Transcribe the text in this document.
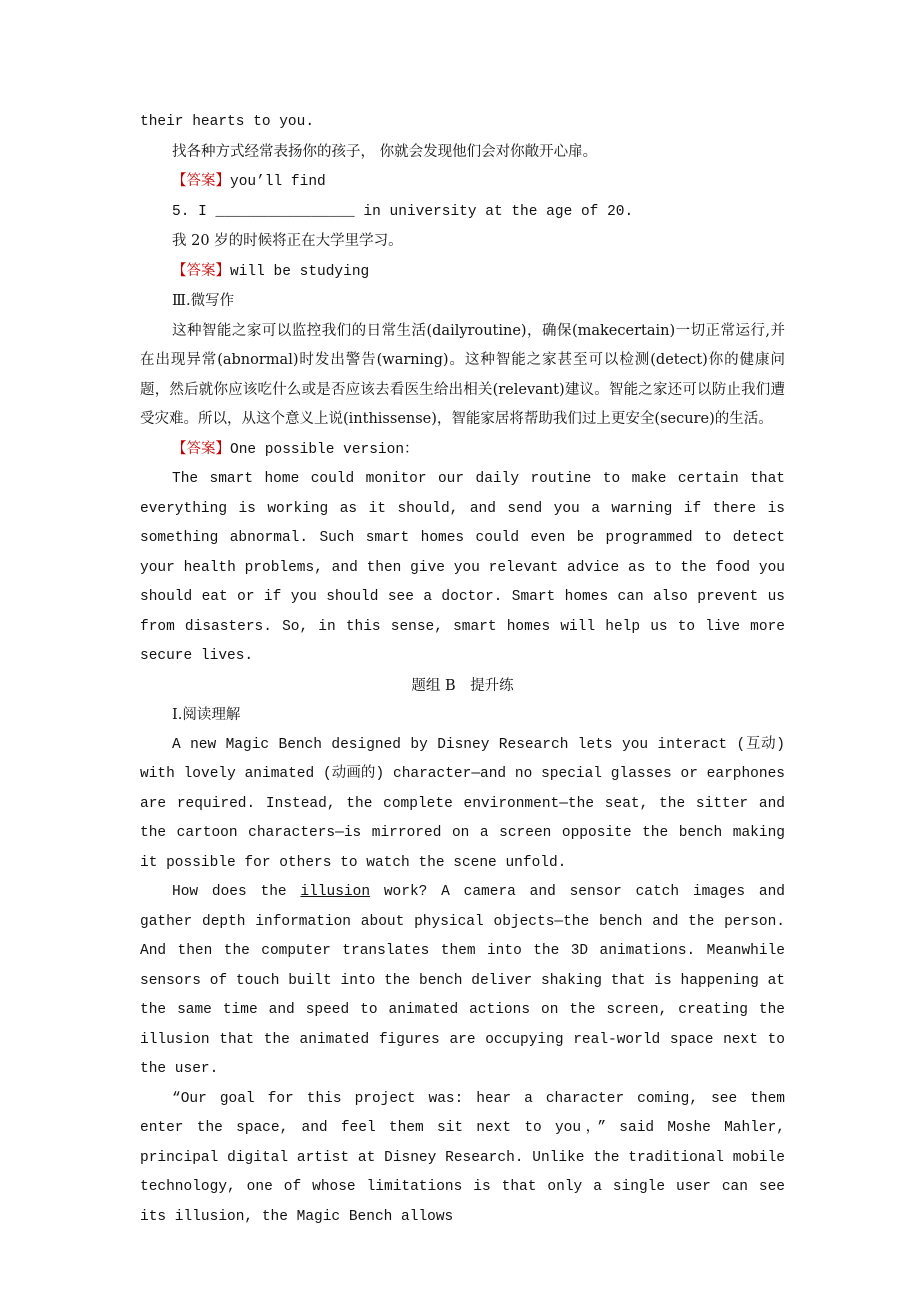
their hearts to you.

找各种方式经常表扬你的孩子， 你就会发现他们会对你敞开心扉。

【答案】you’ll find

5. I ________________ in university at the age of 20.

我 20 岁的时候将正在大学里学习。

【答案】will be studying

Ⅲ.微写作

这种智能之家可以监控我们的日常生活(dailyroutine)，确保(makecertain)一切正常运行,并在出现异常(abnormal)时发出警告(warning)。这种智能之家甚至可以检测(detect)你的健康问题，然后就你应该吃什么或是否应该去看医生给出相关(relevant)建议。智能之家还可以防止我们遭受灾难。所以，从这个意义上说(inthissense)，智能家居将帮助我们过上更安全(secure)的生活。

【答案】One possible version：

The smart home could monitor our daily routine to make certain that everything is working as it should, and send you a warning if there is something abnormal. Such smart homes could even be programmed to detect your health problems, and then give you relevant advice as to the food you should eat or if you should see a doctor. Smart homes can also prevent us from disasters. So, in this sense, smart homes will help us to live more secure lives.

题组 B　提升练

Ⅰ.阅读理解

A new Magic Bench designed by Disney Research lets you interact (互动) with lovely animated (动画的) character—and no special glasses or earphones are required. Instead, the complete environment—the seat, the sitter and the cartoon characters—is mirrored on a screen opposite the bench making it possible for others to watch the scene unfold.

How does the illusion work? A camera and sensor catch images and gather depth information about physical objects—the bench and the person. And then the computer translates them into the 3D animations. Meanwhile sensors of touch built into the bench deliver shaking that is happening at the same time and speed to animated actions on the screen, creating the illusion that the animated figures are occupying real-world space next to the user.

“Our goal for this project was: hear a character coming, see them enter the space, and feel them sit next to you，” said Moshe Mahler, principal digital artist at Disney Research. Unlike the traditional mobile technology, one of whose limitations is that only a single user can see its illusion, the Magic Bench allows
